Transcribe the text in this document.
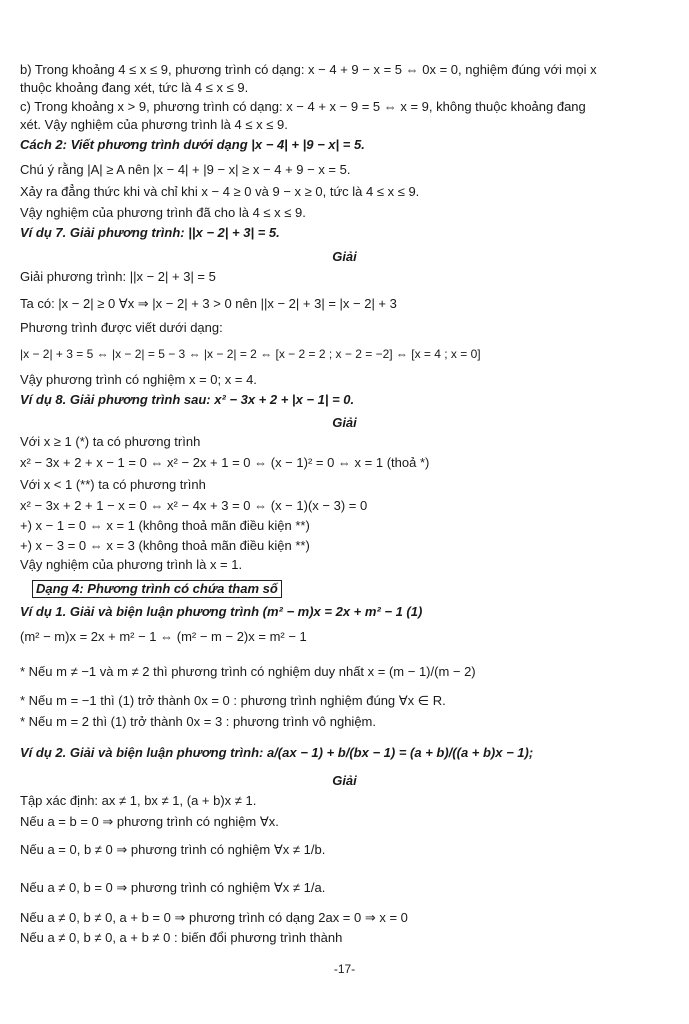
b) Trong khoảng 4 ≤ x ≤ 9, phương trình có dạng: x − 4 + 9 − x = 5 ⇔ 0x = 0, nghiệm đúng với mọi x
thuộc khoảng đang xét, tức là 4 ≤ x ≤ 9.
c) Trong khoảng x > 9, phương trình có dạng: x − 4 + x − 9 = 5 ⇔ x = 9, không thuộc khoảng đang
xét. Vậy nghiệm của phương trình là 4 ≤ x ≤ 9.
Cách 2: Viết phương trình dưới dạng |x − 4| + |9 − x| = 5.
Chú ý rằng |A| ≥ A nên |x − 4| + |9 − x| ≥ x − 4 + 9 − x = 5.
Xảy ra đẳng thức khi và chỉ khi x − 4 ≥ 0 và 9 − x ≥ 0, tức là 4 ≤ x ≤ 9.
Vậy nghiệm của phương trình đã cho là 4 ≤ x ≤ 9.
Ví dụ 7. Giải phương trình: ||x − 2| + 3| = 5.
Giải
Giải phương trình: ||x − 2| + 3| = 5
Ta có: |x − 2| ≥ 0 ∀x ⇒ |x − 2| + 3 > 0 nên ||x − 2| + 3| = |x − 2| + 3
Phương trình được viết dưới dạng:
|x − 2| + 3 = 5 ⇔ |x − 2| = 5 − 3 ⇔ |x − 2| = 2 ⇔ [x − 2 = 2 ; x − 2 = −2] ⇔ [x = 4 ; x = 0]
Vậy phương trình có nghiệm x = 0; x = 4.
Ví dụ 8. Giải phương trình sau: x² − 3x + 2 + |x − 1| = 0.
Giải
Với x ≥ 1 (*) ta có phương trình
x² − 3x + 2 + x − 1 = 0 ⇔ x² − 2x + 1 = 0 ⇔ (x − 1)² = 0 ⇔ x = 1 (thoả *)
Với x < 1 (**) ta có phương trình
x² − 3x + 2 + 1 − x = 0 ⇔ x² − 4x + 3 = 0 ⇔ (x − 1)(x − 3) = 0
+) x − 1 = 0 ⇔ x = 1 (không thoả mãn điều kiện **)
+) x − 3 = 0 ⇔ x = 3 (không thoả mãn điều kiện **)
Vậy nghiệm của phương trình là x = 1.
Dạng 4: Phương trình có chứa tham số
Ví dụ 1. Giải và biện luận phương trình (m² − m)x = 2x + m² − 1 (1)
(m² − m)x = 2x + m² − 1 ⇔ (m² − m − 2)x = m² − 1
* Nếu m ≠ −1 và m ≠ 2 thì phương trình có nghiệm duy nhất x = (m − 1)/(m − 2)
* Nếu m = −1 thì (1) trở thành 0x = 0 : phương trình nghiệm đúng ∀x ∈ R.
* Nếu m = 2 thì (1) trở thành 0x = 3 : phương trình vô nghiệm.
Ví dụ 2. Giải và biện luận phương trình: a/(ax − 1) + b/(bx − 1) = (a + b)/((a + b)x − 1);
Giải
Tập xác định: ax ≠ 1, bx ≠ 1, (a + b)x ≠ 1.
Nếu a = b = 0 ⇒ phương trình có nghiệm ∀x.
Nếu a = 0, b ≠ 0 ⇒ phương trình có nghiệm ∀x ≠ 1/b.
Nếu a ≠ 0, b = 0 ⇒ phương trình có nghiệm ∀x ≠ 1/a.
Nếu a ≠ 0, b ≠ 0, a + b = 0 ⇒ phương trình có dạng 2ax = 0 ⇒ x = 0
Nếu a ≠ 0, b ≠ 0, a + b ≠ 0 : biến đổi phương trình thành
-17-
